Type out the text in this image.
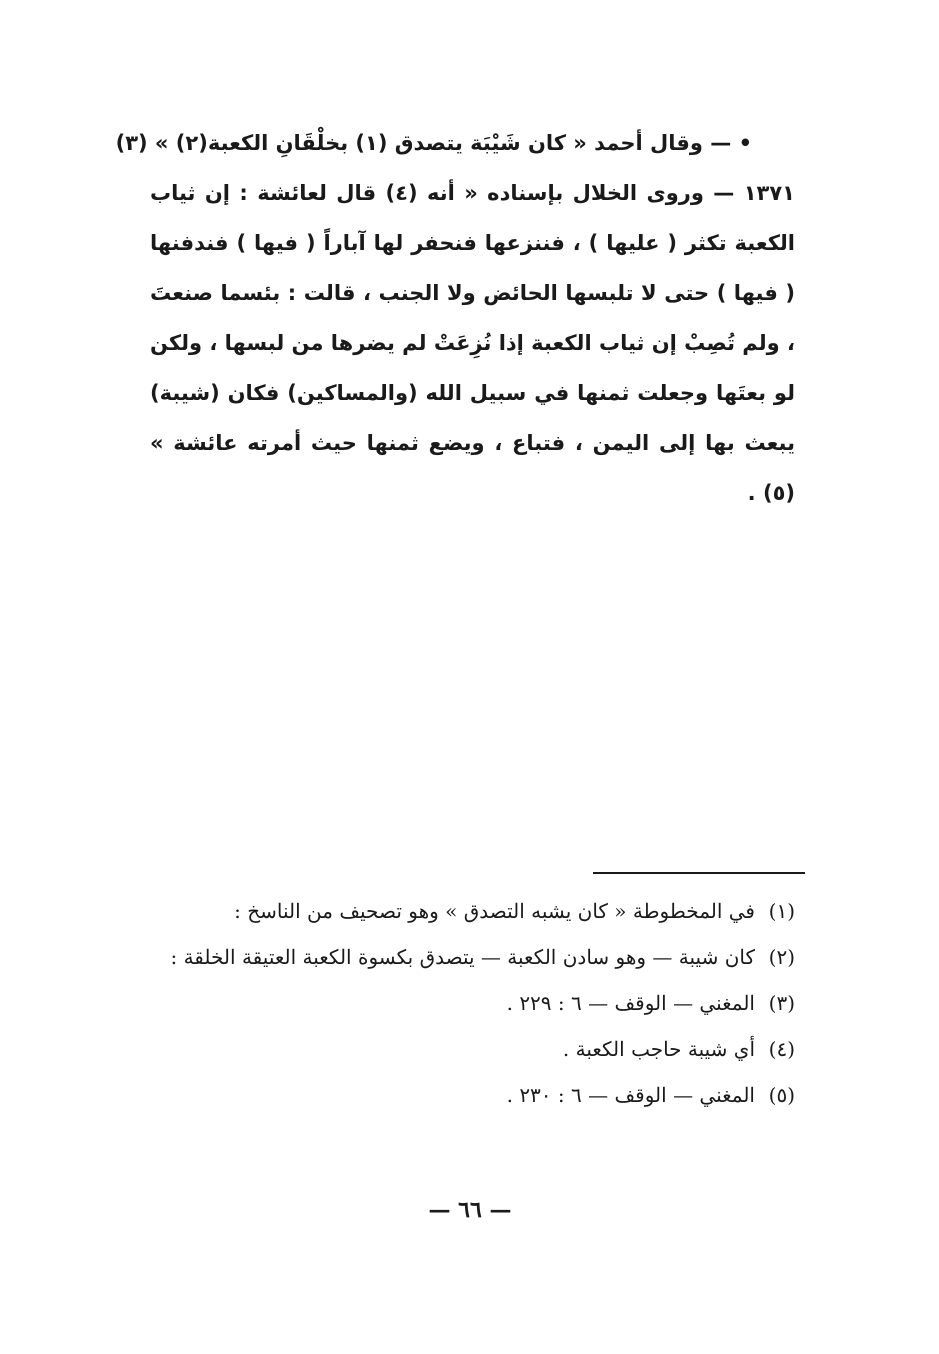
• — وقال أحمد « كان شَيْبَة يتصدق (١) بخلْقَانِ الكعبة(٢) » (٣)
١٣٧١ — وروى الخلال بإسناده « أنه (٤) قال لعائشة : إن ثياب الكعبة تكثر ( عليها ) ، فننزعها فنحفر لها آباراً ( فيها ) فندفنها ( فيها ) حتى لا تلبسها الحائض ولا الجنب ، قالت : بئسما صنعتَ ، ولم تُصِبْ إن ثياب الكعبة إذا نُزِعَتْ لم يضرها من لبسها ، ولكن لو بعتَها وجعلت ثمنها في سبيل الله (والمساكين) فكان (شيبة) يبعث بها إلى اليمن ، فتباع ، ويضع ثمنها حيث أمرته عائشة » (٥) .

(١)في المخطوطة « كان يشبه التصدق » وهو تصحيف من الناسخ :

(٢)كان شيبة — وهو سادن الكعبة — يتصدق بكسوة الكعبة العتيقة الخلقة :

(٣)المغني — الوقف — ٦ : ٢٢٩ .

(٤)أي شيبة حاجب الكعبة .

(٥)المغني — الوقف — ٦ : ٢٣٠ .

— ٦٦ —
